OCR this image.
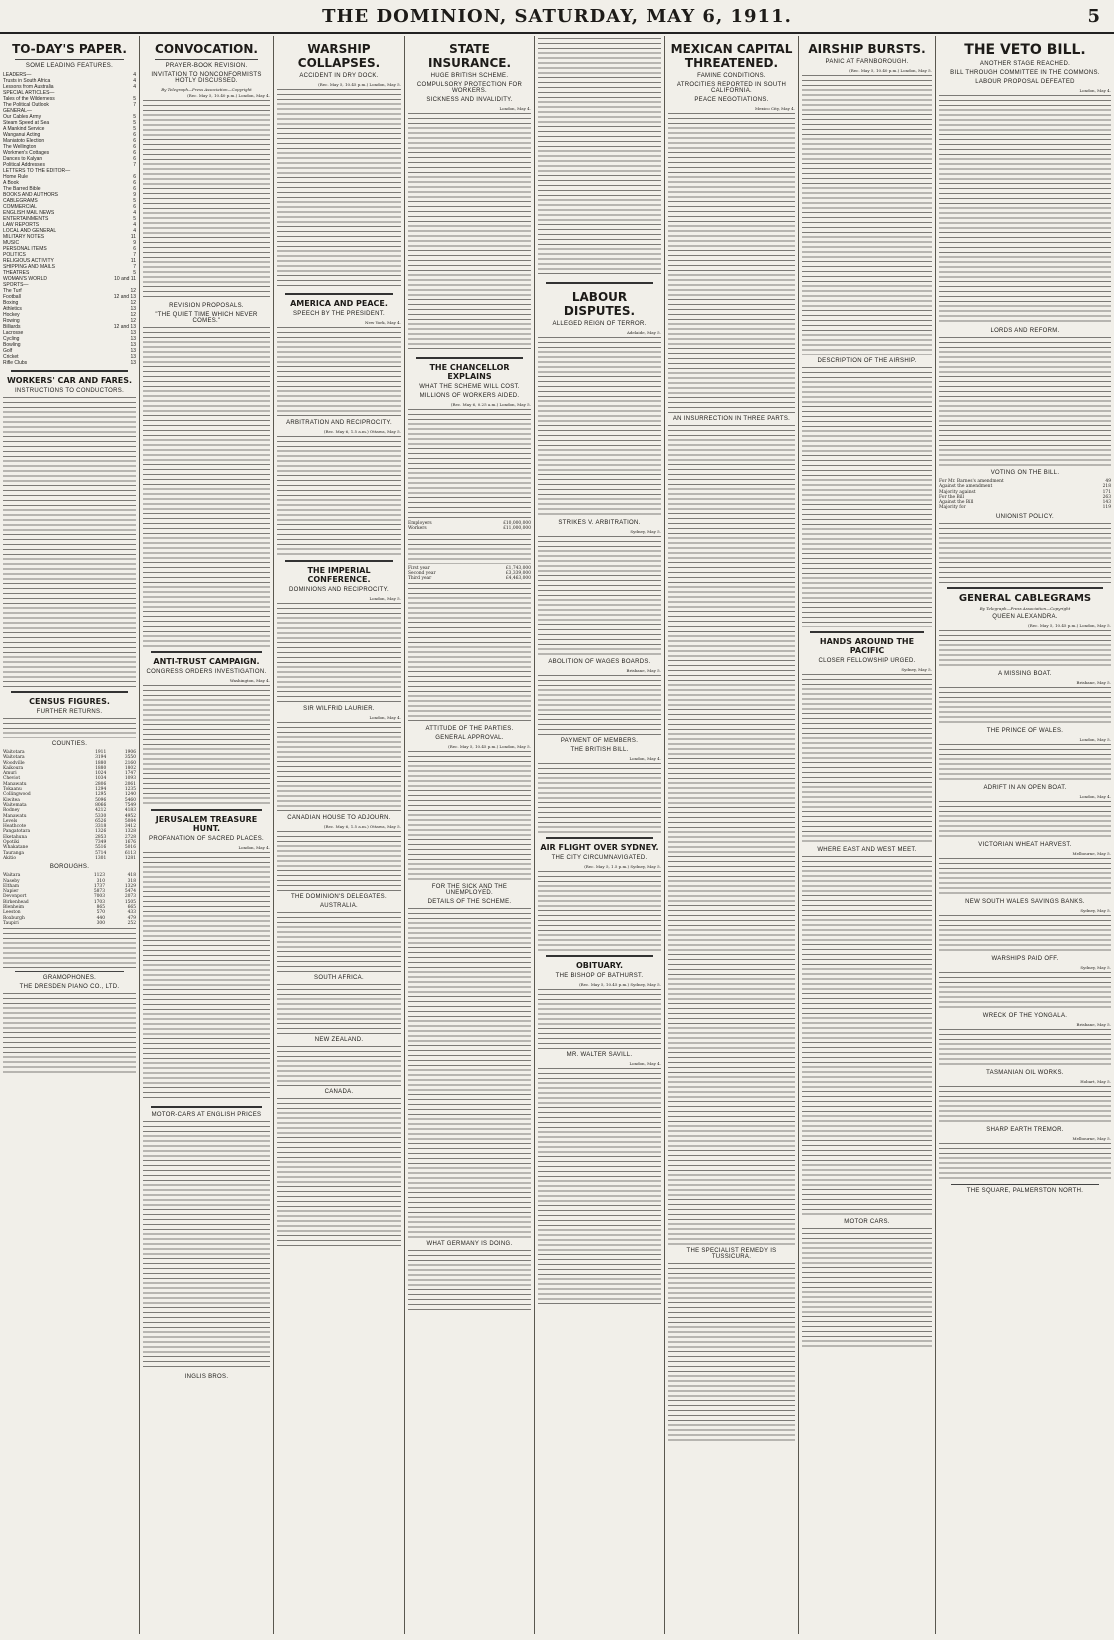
THE DOMINION, SATURDAY, MAY 6, 1911.	5
TO-DAY'S PAPER.
SOME LEADING FEATURES.
LEADERS—	4
Trusts in South Africa	4
Lessons from Australia	4
SPECIAL ARTICLES—
Tales of the Wilderness	5
The Political Outlook	7
GENERAL—
Our Cables Army	5
Steam Speed at Sea	5
A Mankind Service	5
Wanganui Acting	6
Maniatoto Election	6
The Wellington	6
Workmen's Cottages	6
Dances to Kalyan	6
Political Addresses	7
LETTERS TO THE EDITOR—
Home Rule	6
A Book	6
The Barred Bible	6
BOOKS AND AUTHORS	9
CABLEGRAMS	5
COMMERCIAL	6
ENGLISH MAIL NEWS	4
ENTERTAINMENTS	5
LAW REPORTS	4
LOCAL AND GENERAL	4
MILITARY NOTES	11
MUSIC	9
PERSONAL ITEMS	6
POLITICS	7
RELIGIOUS ACTIVITY	11
SHIPPING AND MAILS	7
THEATRES	5
WOMAN'S WORLD	10 and 11
SPORTS—
The Turf	12
Football	12 and 13
Boxing	12
Athletics	13
Hockey	12
Rowing	12
Billiards	12 and 13
Lacrosse	13
Cycling	13
Bowling	13
Golf	13
Cricket	13
Rifle Clubs	13
WORKERS' CAR AND FARES.
INSTRUCTIONS TO CONDUCTORS.
CENSUS FIGURES.
FURTHER RETURNS.
COUNTIES.
Waitotara	1911	1906
Waitotara	3194	3550
Woodville	1880	2160
Kaikoura	1880	1802
Amuri	1024	1747
Cheviot	1034	1093
Manawatu	2806	2061
Tokaanu	1294	1235
Collingwood	1295	1240
Kiwitea	5096	5460
Waitemata	8066	7549
Rodney	4212	4183
Manawatu	5330	4952
Levels	6526	5084
Heathcote	3318	3412
Pangatotara	1326	1328
Eketahuna	2853	2728
Opotiki	7349	1676
Whakatane	5516	5016
Tauranga	5714	6113
Akitio	1301	1281
BOROUGHS.
Waitara	1123	418
Naseby	310	318
Eltham	1737	1329
Napier	5873	5474
Devonport	7003	2073
Birkenhead	1703	1505
Blenheim	865	665
Leeston	570	433
Roxburgh	440	479
Taupiri	300	252
GRAMOPHONES.
THE DRESDEN PIANO CO., LTD.
CONVOCATION.
PRAYER-BOOK REVISION.
INVITATION TO NONCONFORMISTS HOTLY DISCUSSED.
By Telegraph—Press Association—Copyright
(Rec. May 5, 10.40 p.m.) London, May 4.
REVISION PROPOSALS.
"THE QUIET TIME WHICH NEVER COMES."
ANTI-TRUST CAMPAIGN.
CONGRESS ORDERS INVESTIGATION.
Washington, May 4.
JERUSALEM TREASURE HUNT.
PROFANATION OF SACRED PLACES.
London, May 4.
MOTOR-CARS AT ENGLISH PRICES
INGLIS BROS.
WARSHIP COLLAPSES.
ACCIDENT IN DRY DOCK.
(Rec. May 5, 10.45 p.m.) London, May 5.
AMERICA AND PEACE.
SPEECH BY THE PRESIDENT.
New York, May 4.
ARBITRATION AND RECIPROCITY.
(Rec. May 6, 1.5 a.m.) Ottawa, May 5.
THE IMPERIAL CONFERENCE.
DOMINIONS AND RECIPROCITY.
London, May 5.
SIR WILFRID LAURIER.
London, May 4.
CANADIAN HOUSE TO ADJOURN.
(Rec. May 6, 1.5 a.m.) Ottawa, May 5.
THE DOMINION'S DELEGATES.
AUSTRALIA.
SOUTH AFRICA.
NEW ZEALAND.
CANADA.
STATE INSURANCE.
HUGE BRITISH SCHEME.
COMPULSORY PROTECTION FOR WORKERS.
SICKNESS AND INVALIDITY.
London, May 4.
THE CHANCELLOR EXPLAINS
WHAT THE SCHEME WILL COST.
MILLIONS OF WORKERS AIDED.
(Rec. May 6, 0.25 a.m.) London, May 5.
Employers	£10,000,000
Workers	£11,000,000
First year	£1,743,000
Second year	£3,339,000
Third year	£4,463,000
ATTITUDE OF THE PARTIES.
GENERAL APPROVAL.
(Rec. May 5, 10.45 p.m.) London, May 5.
FOR THE SICK AND THE UNEMPLOYED.
DETAILS OF THE SCHEME.
WHAT GERMANY IS DOING.
LABOUR DISPUTES.
ALLEGED REIGN OF TERROR.
Adelaide, May 5.
STRIKES V. ARBITRATION.
Sydney, May 5.
ABOLITION OF WAGES BOARDS.
Brisbane, May 5.
PAYMENT OF MEMBERS.
THE BRITISH BILL.
London, May 4.
AIR FLIGHT OVER SYDNEY.
THE CITY CIRCUMNAVIGATED.
(Rec. May 5, 1.5 p.m.) Sydney, May 5.
OBITUARY.
THE BISHOP OF BATHURST.
(Rec. May 5, 10.45 p.m.) Sydney, May 5.
MR. WALTER SAVILL.
London, May 4.
MEXICAN CAPITAL THREATENED.
FAMINE CONDITIONS.
ATROCITIES REPORTED IN SOUTH CALIFORNIA.
PEACE NEGOTIATIONS.
Mexico City, May 4.
AN INSURRECTION IN THREE PARTS.
THE SPECIALIST REMEDY IS TUSSICURA.
AIRSHIP BURSTS.
PANIC AT FARNBOROUGH.
(Rec. May 5, 10.40 p.m.) London, May 5.
DESCRIPTION OF THE AIRSHIP.
HANDS AROUND THE PACIFIC
CLOSER FELLOWSHIP URGED.
Sydney, May 5.
WHERE EAST AND WEST MEET.
MOTOR CARS.
THE VETO BILL.
ANOTHER STAGE REACHED.
BILL THROUGH COMMITTEE IN THE COMMONS.
LABOUR PROPOSAL DEFEATED
London, May 4.
LORDS AND REFORM.
VOTING ON THE BILL.
For Mr. Barnes's amendment	49
Against the amendment	218
Majority against	171
For the Bill	263
Against the Bill	143
Majority for	119
UNIONIST POLICY.
GENERAL CABLEGRAMS
By Telegraph—Press Association—Copyright
QUEEN ALEXANDRA.
(Rec. May 5, 10.45 p.m.) London, May 5.
A MISSING BOAT.
Brisbane, May 5.
THE PRINCE OF WALES.
London, May 5.
ADRIFT IN AN OPEN BOAT.
London, May 4.
VICTORIAN WHEAT HARVEST.
Melbourne, May 5.
NEW SOUTH WALES SAVINGS BANKS.
Sydney, May 5.
WARSHIPS PAID OFF.
Sydney, May 5.
WRECK OF THE YONGALA.
Brisbane, May 5.
TASMANIAN OIL WORKS.
Hobart, May 5.
SHARP EARTH TREMOR.
Melbourne, May 5.
THE SQUARE, PALMERSTON NORTH.
